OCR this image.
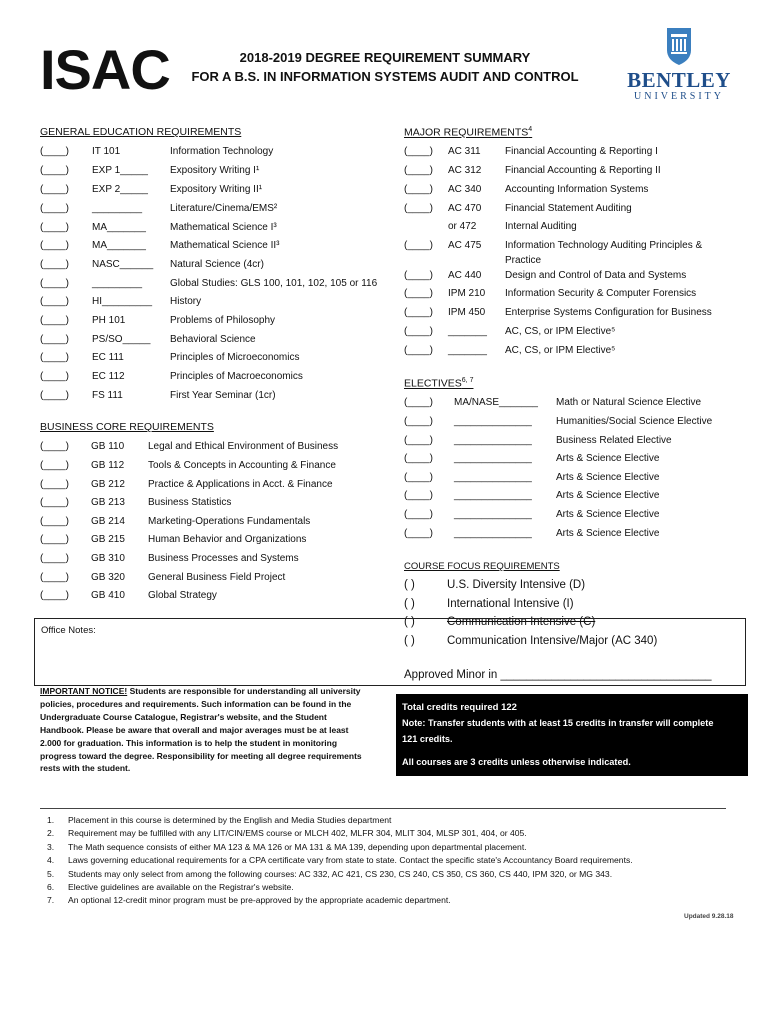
ISAC	2018-2019 DEGREE REQUIREMENT SUMMARY
FOR A B.S. IN INFORMATION SYSTEMS AUDIT AND CONTROL	BENTLEY
UNIVERSITY
GENERAL EDUCATION REQUIREMENTS
(____) IT 101	Information Technology
(____) EXP 1_____ Expository Writing I¹
(____) EXP 2_____ Expository Writing II¹
(____) _________	Literature/Cinema/EMS²
(____) MA_______ Mathematical Science I³
(____) MA_______ Mathematical Science II³
(____) NASC______ Natural Science (4cr)
(____) _________	Global Studies: GLS 100, 101, 102, 105 or 116
(____) HI_________ History
(____) PH 101	Problems of Philosophy
(____) PS/SO_____ Behavioral Science
(____) EC 111	Principles of Microeconomics
(____) EC 112	Principles of Macroeconomics
(____) FS 111	First Year Seminar (1cr)
BUSINESS CORE REQUIREMENTS
(____) GB 110 Legal and Ethical Environment of Business
(____) GB 112 Tools & Concepts in Accounting & Finance
(____) GB 212 Practice & Applications in Acct. & Finance
(____) GB 213 Business Statistics
(____) GB 214 Marketing-Operations Fundamentals
(____) GB 215 Human Behavior and Organizations
(____) GB 310 Business Processes and Systems
(____) GB 320 General Business Field Project
(____) GB 410 Global Strategy
MAJOR REQUIREMENTS$^4$
(____) AC 311 Financial Accounting & Reporting I
(____) AC 312 Financial Accounting & Reporting II
(____) AC 340 Accounting Information Systems
(____) AC 470 Financial Statement Auditing
or 472	Internal Auditing
(____) AC 475 Information Technology Auditing Principles &
Practice
(____) AC 440 Design and Control of Data and Systems
(____) IPM 210 Information Security & Computer Forensics
(____) IPM 450 Enterprise Systems Configuration for Business
(____) _______ AC, CS, or IPM Elective⁵
(____) _______ AC, CS, or IPM Elective⁵
ELECTIVES$^{6, 7}$
(____) MA/NASE_______ Math or Natural Science Elective
(____) ______________ Humanities/Social Science Elective
(____) ______________ Business Related Elective
(____) ______________ Arts & Science Elective
(____) ______________ Arts & Science Elective
(____) ______________ Arts & Science Elective
(____) ______________ Arts & Science Elective
(____) ______________ Arts & Science Elective
COURSE FOCUS REQUIREMENTS
( )	U.S. Diversity Intensive (D)
( )	International Intensive (I)
( )	Communication Intensive (C)
( )	Communication Intensive/Major (AC 340)
Office Notes:
Approved Minor in _________________________________

IMPORTANT NOTICE! Students are responsible for understanding all university

policies, procedures and requirements. Such information can be found in the

Undergraduate Course Catalogue, Registrar's website, and the Student

Handbook. Please be aware that overall and major averages must be at least

2.000 for graduation. This information is to help the student in monitoring

progress toward the degree. Responsibility for meeting all degree requirements

rests with the student.

Total credits required 122
Note: Transfer students with at least 15 credits in transfer will complete
121 credits.
All courses are 3 credits unless otherwise indicated.
1. Placement in this course is determined by the English and Media Studies department
2. Requirement may be fulfilled with any LIT/CIN/EMS course or MLCH 402, MLFR 304, MLIT 304, MLSP 301, 404, or 405.
3. The Math sequence consists of either MA 123 & MA 126 or MA 131 & MA 139, depending upon departmental placement.
4. Laws governing educational requirements for a CPA certificate vary from state to state. Contact the specific state's Accountancy Board requirements.
5. Students may only select from among the following courses: AC 332, AC 421, CS 230, CS 240, CS 350, CS 360, CS 440, IPM 320, or MG 343.
6. Elective guidelines are available on the Registrar's website.
7. An optional 12-credit minor program must be pre-approved by the appropriate academic department.
Updated 9.28.18
